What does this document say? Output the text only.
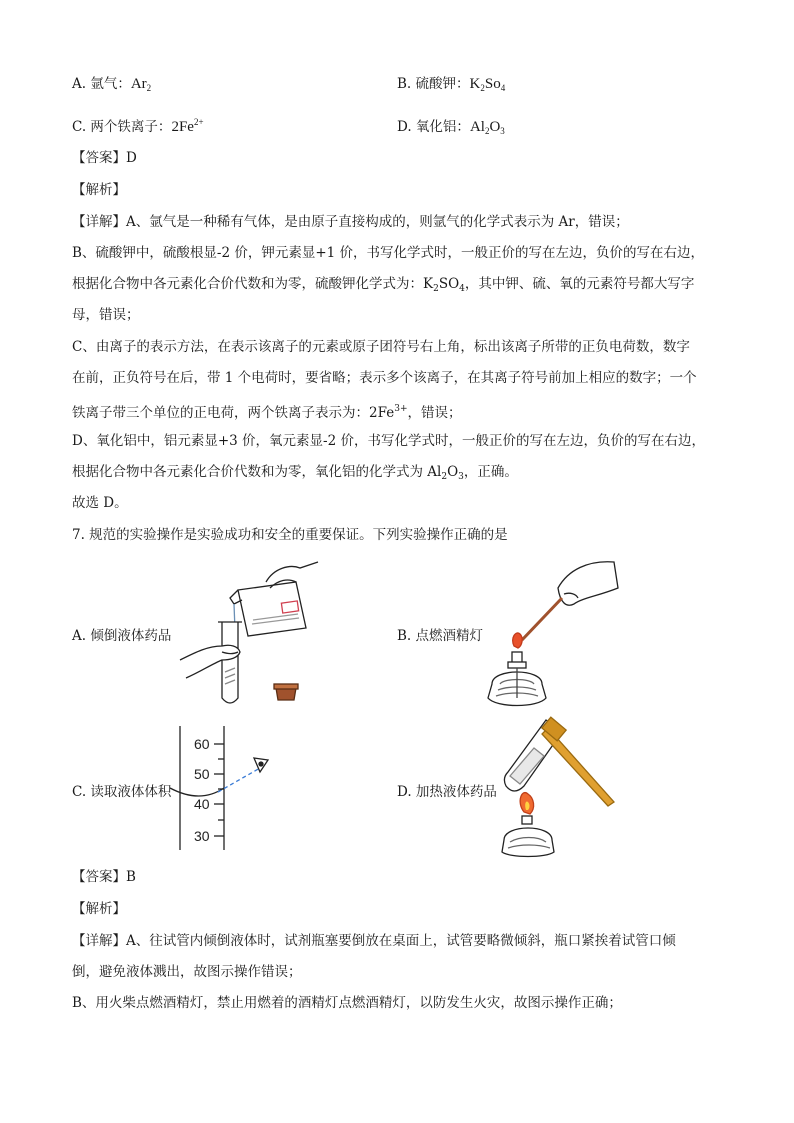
A. 氩气：$Ar_2$	B. 硫酸钾：$K_2So_4$
C. 两个铁离子：$2Fe^{2+}$	D. 氧化铝：$Al_2O_3$
【答案】D
【解析】
【详解】A、氩气是一种稀有气体，是由原子直接构成的，则氩气的化学式表示为 Ar，错误；
B、硫酸钾中，硫酸根显-2 价，钾元素显+1 价，书写化学式时，一般正价的写在左边，负价的写在右边，
根据化合物中各元素化合价代数和为零，硫酸钾化学式为：$K_2SO_4$，其中钾、硫、氧的元素符号都大写字
母，错误；
C、由离子的表示方法，在表示该离子的元素或原子团符号右上角，标出该离子所带的正负电荷数，数字
在前，正负符号在后，带 1 个电荷时，要省略；表示多个该离子，在其离子符号前加上相应的数字；一个
铁离子带三个单位的正电荷，两个铁离子表示为：$2Fe^{3+}$，错误；
D、氧化铝中，铝元素显+3 价，氧元素显-2 价，书写化学式时，一般正价的写在左边，负价的写在右边，
根据化合物中各元素化合价代数和为零，氧化铝的化学式为 $Al_2O_3$，正确。
故选 D。
7. 规范的实验操作是实验成功和安全的重要保证。下列实验操作正确的是
A. 倾倒液体药品	B. 点燃酒精灯
C. 读取液体体积	D. 加热液体药品
60
50
40
30
【答案】B
【解析】
【详解】A、往试管内倾倒液体时，试剂瓶塞要倒放在桌面上，试管要略微倾斜，瓶口紧挨着试管口倾
倒，避免液体溅出，故图示操作错误；
B、用火柴点燃酒精灯，禁止用燃着的酒精灯点燃酒精灯，以防发生火灾，故图示操作正确；
